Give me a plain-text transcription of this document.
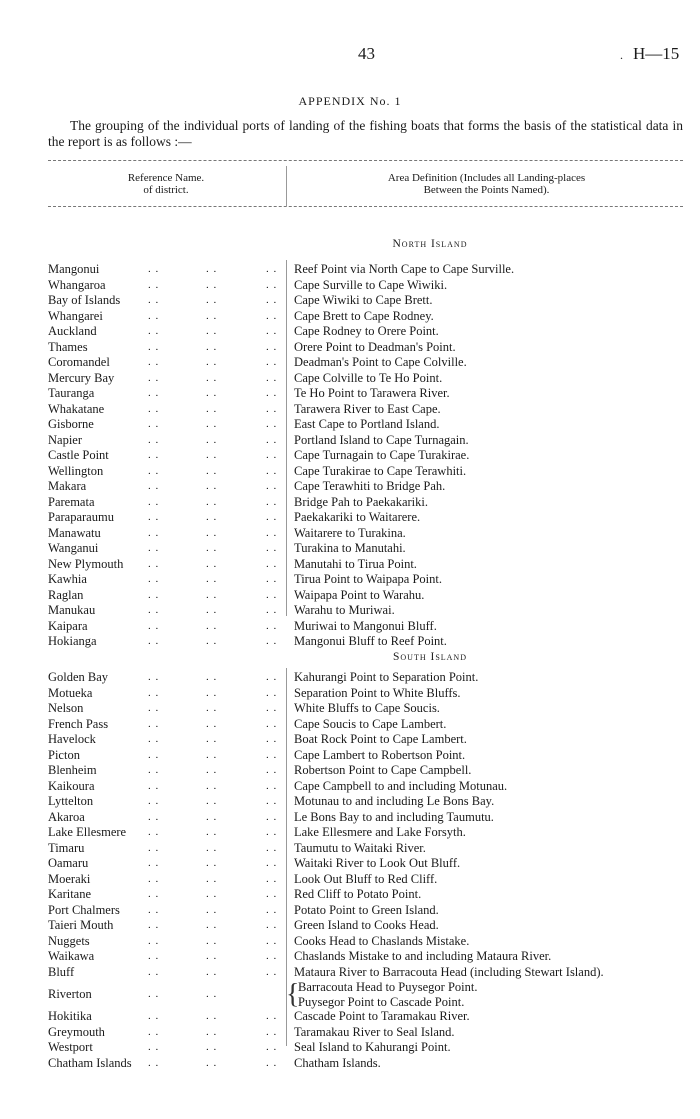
43	. H—15
APPENDIX No. 1
The grouping of the individual ports of landing of the fishing boats that forms the basis of the statistical data in the report is as follows :—
Reference Name.
of district.
Area Definition (Includes all Landing-places
Between the Points Named).
North Island
Mangonui	. .	. .	. . Reef Point via North Cape to Cape Surville.
Whangaroa	. .	. .	. . Cape Surville to Cape Wiwiki.
Bay of Islands	. .	. .	. . Cape Wiwiki to Cape Brett.
Whangarei	. .	. .	. . Cape Brett to Cape Rodney.
Auckland	. .	. .	. . Cape Rodney to Orere Point.
Thames	. .	. .	. . Orere Point to Deadman's Point.
Coromandel	. .	. .	. . Deadman's Point to Cape Colville.
Mercury Bay	. .	. .	. . Cape Colville to Te Ho Point.
Tauranga	. .	. .	. . Te Ho Point to Tarawera River.
Whakatane	. .	. .	. . Tarawera River to East Cape.
Gisborne	. .	. .	. . East Cape to Portland Island.
Napier	. .	. .	. . Portland Island to Cape Turnagain.
Castle Point	. .	. .	. . Cape Turnagain to Cape Turakirae.
Wellington	. .	. .	. . Cape Turakirae to Cape Terawhiti.
Makara	. .	. .	. . Cape Terawhiti to Bridge Pah.
Paremata	. .	. .	. . Bridge Pah to Paekakariki.
Paraparaumu	. .	. .	. . Paekakariki to Waitarere.
Manawatu	. .	. .	. . Waitarere to Turakina.
Wanganui	. .	. .	. . Turakina to Manutahi.
New Plymouth . .	. .	. . Manutahi to Tirua Point.
Kawhia	. .	. .	. . Tirua Point to Waipapa Point.
Raglan	. .	. .	. . Waipapa Point to Warahu.
Manukau	. .	. .	. . Warahu to Muriwai.
Kaipara	. .	. .	. . Muriwai to Mangonui Bluff.
Hokianga	. .	. .	. . Mangonui Bluff to Reef Point.
South Island
Golden Bay	. .	. .	. . Kahurangi Point to Separation Point.
Motueka	. .	. .	. . Separation Point to White Bluffs.
Nelson	. .	. .	. . White Bluffs to Cape Soucis.
French Pass	. .	. .	. . Cape Soucis to Cape Lambert.
Havelock	. .	. .	. . Boat Rock Point to Cape Lambert.
Picton	. .	. .	. . Cape Lambert to Robertson Point.
Blenheim	. .	. .	. . Robertson Point to Cape Campbell.
Kaikoura	. .	. .	. . Cape Campbell to and including Motunau.
Lyttelton	. .	. .	. . Motunau to and including Le Bons Bay.
Akaroa	. .	. .	. . Le Bons Bay to and including Taumutu.
Lake Ellesmere . .	. .	. . Lake Ellesmere and Lake Forsyth.
Timaru	. .	. .	. . Taumutu to Waitaki River.
Oamaru	. .	. .	. . Waitaki River to Look Out Bluff.
Moeraki	. .	. .	. . Look Out Bluff to Red Cliff.
Karitane	. .	. .	. . Red Cliff to Potato Point.
Port Chalmers	. .	. .	. . Potato Point to Green Island.
Taieri Mouth	. .	. .	. . Green Island to Cooks Head.
Nuggets	. .	. .	. . Cooks Head to Chaslands Mistake.
Waikawa	. .	. .	. . Chaslands Mistake to and including Mataura River.
Bluff	. .	. .	. . Mataura River to Barracouta Head (including Stewart Island).
Riverton	. .	. . {
Barracouta Head to Puysegor Point.
Puysegor Point to Cascade Point.
Hokitika	. .	. .	. . Cascade Point to Taramakau River.
Greymouth	. .	. .	. . Taramakau River to Seal Island.
Westport	. .	. .	. . Seal Island to Kahurangi Point.
Chatham Islands . .	. .	. . Chatham Islands.
